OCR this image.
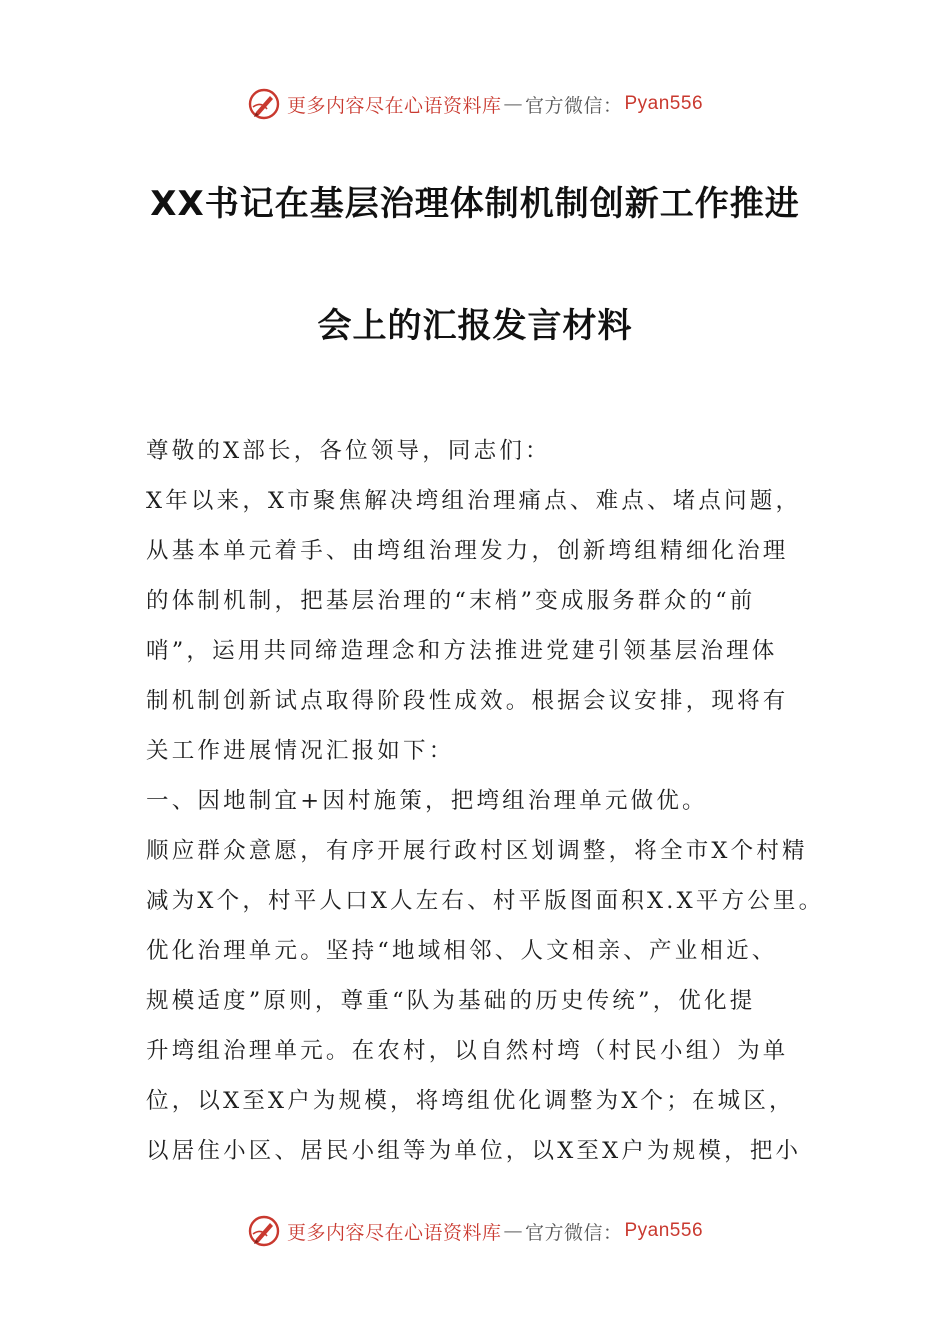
更多内容尽在心语资料库 — 官方微信： Pyan556
XX书记在基层治理体制机制创新工作推进
会上的汇报发言材料

尊敬的X部长，各位领导，同志们：

X年以来，X市聚焦解决塆组治理痛点、难点、堵点问题，

从基本单元着手、由塆组治理发力，创新塆组精细化治理

的体制机制，把基层治理的“末梢”变成服务群众的“前

哨”，运用共同缔造理念和方法推进党建引领基层治理体

制机制创新试点取得阶段性成效。根据会议安排，现将有

关工作进展情况汇报如下：

一、因地制宜+因村施策，把塆组治理单元做优。

顺应群众意愿，有序开展行政村区划调整，将全市X个村精

减为X个，村平人口X人左右、村平版图面积X.X平方公里。

优化治理单元。坚持“地域相邻、人文相亲、产业相近、

规模适度”原则，尊重“队为基础的历史传统”，优化提

升塆组治理单元。在农村，以自然村塆（村民小组）为单

位，以X至X户为规模，将塆组优化调整为X个；在城区，

以居住小区、居民小组等为单位，以X至X户为规模，把小

更多内容尽在心语资料库 — 官方微信： Pyan556
